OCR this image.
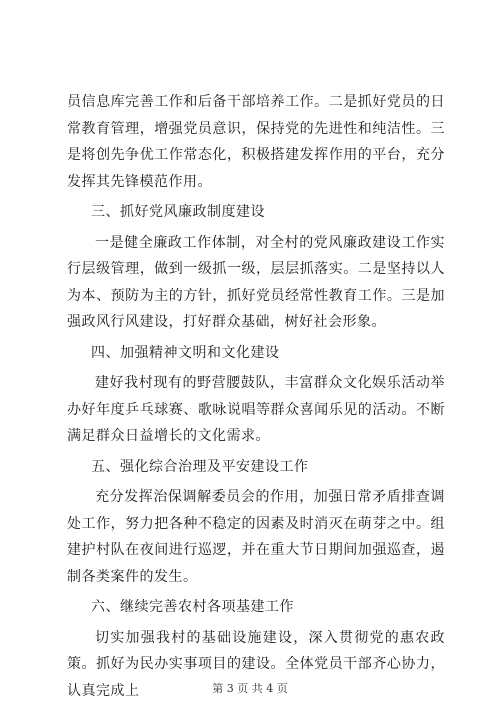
员信息库完善工作和后备干部培养工作。二是抓好党员的日常教育管理，增强党员意识，保持党的先进性和纯洁性。三是将创先争优工作常态化，积极搭建发挥作用的平台，充分发挥其先锋模范作用。

三、抓好党风廉政制度建设

一是健全廉政工作体制，对全村的党风廉政建设工作实行层级管理，做到一级抓一级，层层抓落实。二是坚持以人为本、预防为主的方针，抓好党员经常性教育工作。三是加强政风行风建设，打好群众基础，树好社会形象。

四、加强精神文明和文化建设

建好我村现有的野营腰鼓队，丰富群众文化娱乐活动举办好年度乒乓球赛、歌咏说唱等群众喜闻乐见的活动。不断满足群众日益增长的文化需求。

五、强化综合治理及平安建设工作

充分发挥治保调解委员会的作用，加强日常矛盾排查调处工作，努力把各种不稳定的因素及时消灭在萌芽之中。组建护村队在夜间进行巡逻，并在重大节日期间加强巡查，遏制各类案件的发生。

六、继续完善农村各项基建工作

切实加强我村的基础设施建设，深入贯彻党的惠农政策。抓好为民办实事项目的建设。全体党员干部齐心协力，认真完成上	第 3 页 共 4 页
